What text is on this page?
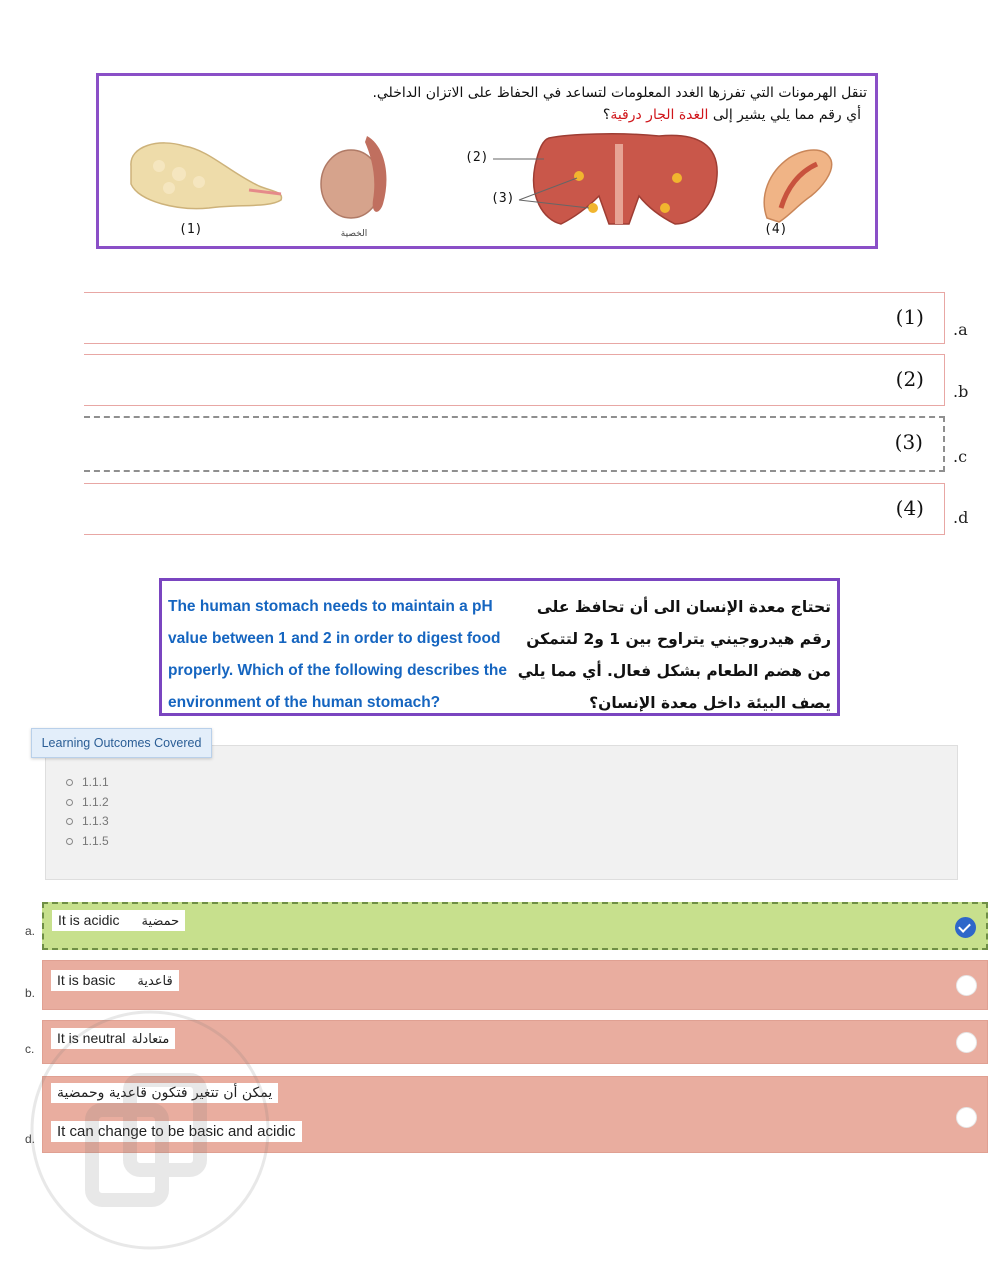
تنقل الهرمونات التي تفرزها الغدد المعلومات لتساعد في الحفاظ على الاتزان الداخلي.
أي رقم مما يلي يشير إلى الغدة الجار درقية؟
الخصية
(1)
(2)
(3)
(4)
(1)
.a
(2)
.b
(3)
.c
(4) .d
The human stomach needs to maintain a pH value between 1 and 2 in order to digest food properly. Which of the following describes the environment of the human stomach?
تحتاج معدة الإنسان الى أن تحافظ على رقم هيدروجيني يتراوح بين 1 و2 لتتمكن من هضم الطعام بشكل فعال. أي مما يلي يصف البيئة داخل معدة الإنسان؟
Learning Outcomes Covered
1.1.1
1.1.2
1.1.3
1.1.5
a.
It is acidic حمضية
b.
It is basic قاعدية
c.
It is neutral متعادلة
d.
يمكن أن تتغير فتكون قاعدية وحمضية
It can change to be basic and acidic
